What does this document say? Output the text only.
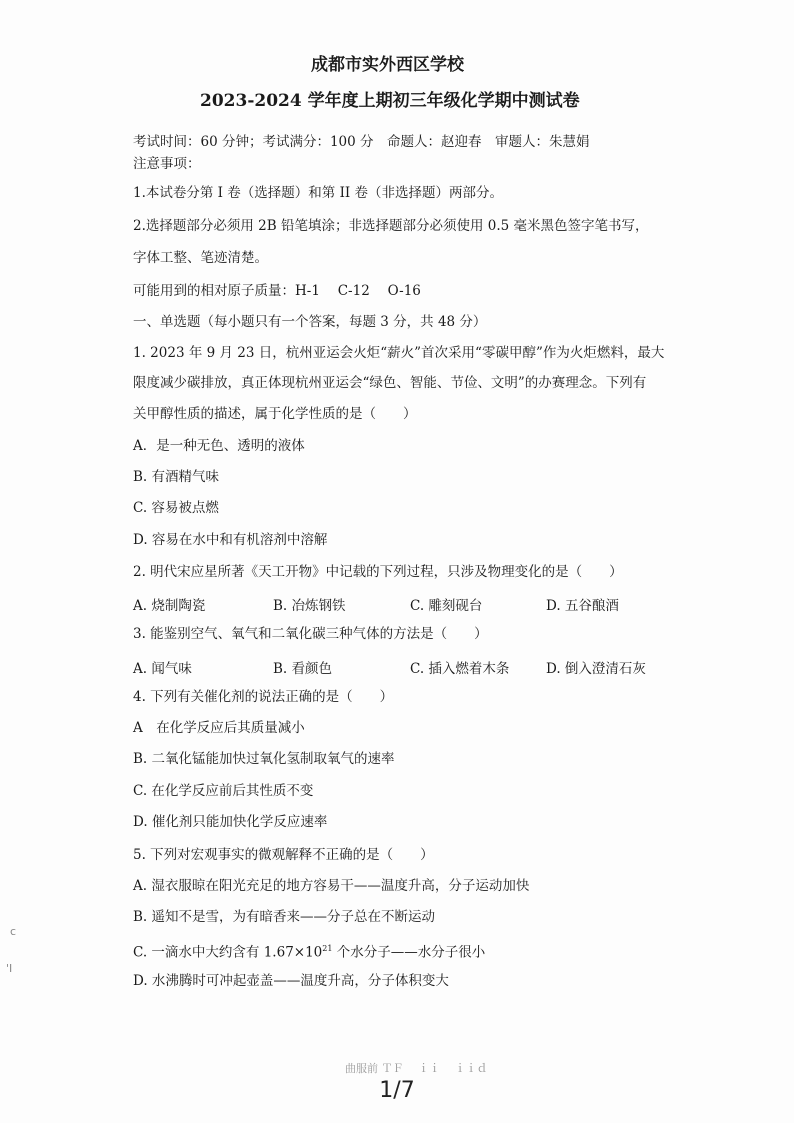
成都市实外西区学校
2023-2024 学年度上期初三年级化学期中测试卷
考试时间：60 分钟；考试满分：100 分　命题人：赵迎春　审题人：朱慧娟
注意事项：
1.本试卷分第 I 卷（选择题）和第 II 卷（非选择题）两部分。
2.选择题部分必须用 2B 铅笔填涂；非选择题部分必须使用 0.5 毫米黑色签字笔书写，
字体工整、笔迹清楚。
可能用到的相对原子质量：H-1　 C-12　 O-16
一、单选题（每小题只有一个答案，每题 3 分，共 48 分）
1. 2023 年 9 月 23 日，杭州亚运会火炬“薪火”首次采用“零碳甲醇”作为火炬燃料，最大
限度减少碳排放，真正体现杭州亚运会“绿色、智能、节俭、文明”的办赛理念。下列有
关甲醇性质的描述，属于化学性质的是（　　）
A．是一种无色、透明的液体
B. 有酒精气味
C. 容易被点燃
D. 容易在水中和有机溶剂中溶解
2. 明代宋应星所著《天工开物》中记载的下列过程，只涉及物理变化的是（　　）
A. 烧制陶瓷	B. 冶炼钢铁	C. 雕刻砚台	D. 五谷酿酒
3. 能鉴别空气、氧气和二氧化碳三种气体的方法是（　　）
A. 闻气味	B. 看颜色	C. 插入燃着木条	D. 倒入澄清石灰
4. 下列有关催化剂的说法正确的是（　　）
A　在化学反应后其质量减小
B. 二氧化锰能加快过氧化氢制取氧气的速率
C. 在化学反应前后其性质不变
D. 催化剂只能加快化学反应速率
5. 下列对宏观事实的微观解释不正确的是（　　）
A. 湿衣服晾在阳光充足的地方容易干——温度升高，分子运动加快
B. 遥知不是雪，为有暗香来——分子总在不断运动
C. 一滴水中大约含有 $1.67\times 10^{21}$ 个水分子——水分子很小
D. 水沸腾时可冲起壶盖——温度升高，分子体积变大
c
'I
曲服前 ＴＦ　 ｉｉ　 ｉｉｄ
1/7
